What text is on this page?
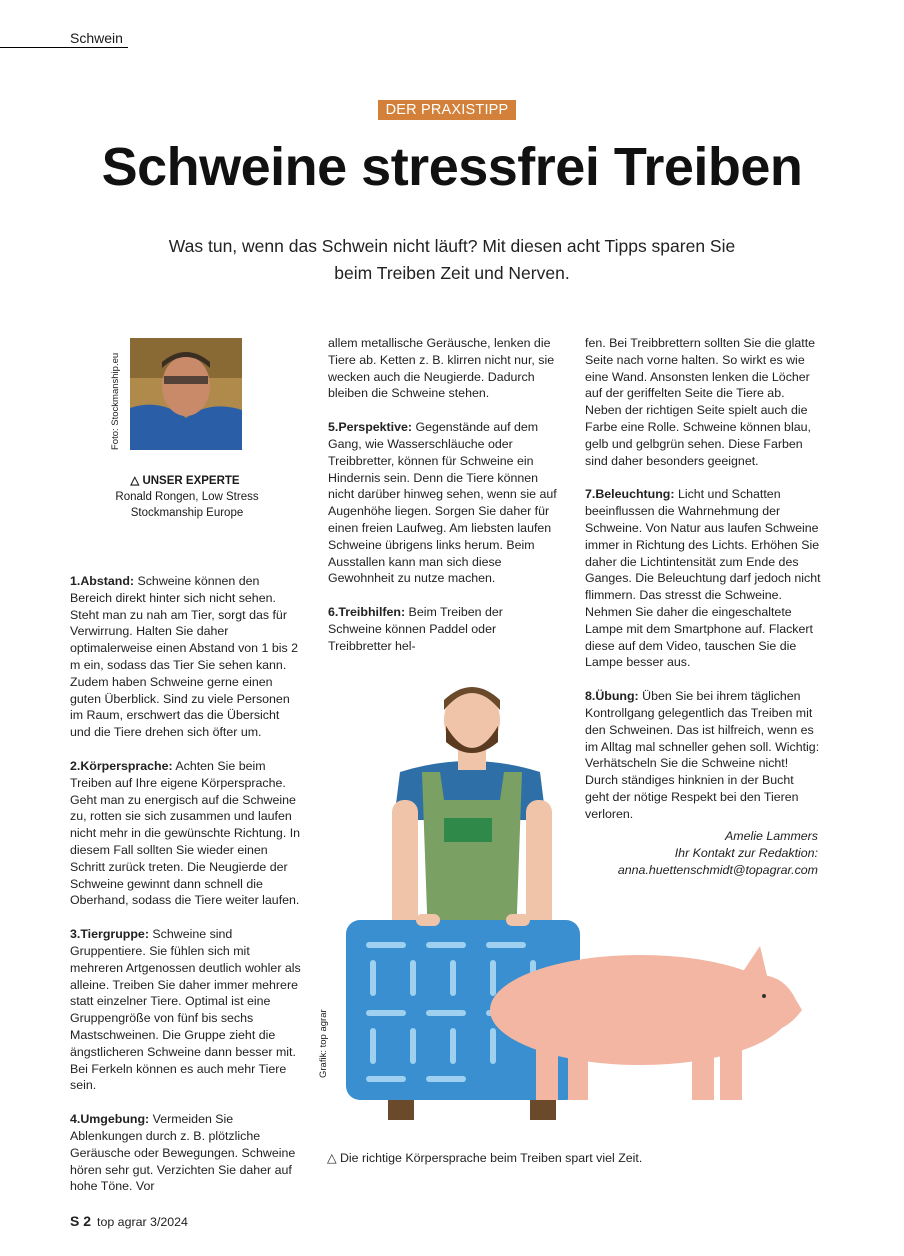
Schwein
DER PRAXISTIPP
Schweine stressfrei Treiben
Was tun, wenn das Schwein nicht läuft? Mit diesen acht Tipps sparen Sie beim Treiben Zeit und Nerven.
Foto: Stockmanship.eu
△ UNSER EXPERTE
Ronald Rongen, Low Stress
Stockmanship Europe

1.Abstand: Schweine können den Bereich direkt hinter sich nicht sehen. Steht man zu nah am Tier, sorgt das für Verwirrung. Halten Sie daher optimalerweise einen Abstand von 1 bis 2 m ein, sodass das Tier Sie sehen kann. Zudem haben Schweine gerne einen guten Überblick. Sind zu viele Personen im Raum, erschwert das die Übersicht und die Tiere drehen sich öfter um.

2.Körpersprache: Achten Sie beim Treiben auf Ihre eigene Körpersprache. Geht man zu energisch auf die Schweine zu, rotten sie sich zusammen und laufen nicht mehr in die gewünschte Richtung. In diesem Fall sollten Sie wieder einen Schritt zurück treten. Die Neugierde der Schweine gewinnt dann schnell die Oberhand, sodass die Tiere weiter laufen.

3.Tiergruppe: Schweine sind Gruppentiere. Sie fühlen sich mit mehreren Artgenossen deutlich wohler als alleine. Treiben Sie daher immer mehrere statt einzelner Tiere. Optimal ist eine Gruppengröße von fünf bis sechs Mastschweinen. Die Gruppe zieht die ängstlicheren Schweine dann besser mit. Bei Ferkeln können es auch mehr Tiere sein.

4.Umgebung: Vermeiden Sie Ablenkungen durch z. B. plötzliche Geräusche oder Bewegungen. Schweine hören sehr gut. Verzichten Sie daher auf hohe Töne. Vor

allem metallische Geräusche, lenken die Tiere ab. Ketten z. B. klirren nicht nur, sie wecken auch die Neugierde. Dadurch bleiben die Schweine stehen.

5.Perspektive: Gegenstände auf dem Gang, wie Wasserschläuche oder Treibbretter, können für Schweine ein Hindernis sein. Denn die Tiere können nicht darüber hinweg sehen, wenn sie auf Augenhöhe liegen. Sorgen Sie daher für einen freien Laufweg. Am liebsten laufen Schweine übrigens links herum. Beim Ausstallen kann man sich diese Gewohnheit zu nutze machen.

6.Treibhilfen: Beim Treiben der Schweine können Paddel oder Treibbretter hel-

fen. Bei Treibbrettern sollten Sie die glatte Seite nach vorne halten. So wirkt es wie eine Wand. Ansonsten lenken die Löcher auf der geriffelten Seite die Tiere ab. Neben der richtigen Seite spielt auch die Farbe eine Rolle. Schweine können blau, gelb und gelbgrün sehen. Diese Farben sind daher besonders geeignet.

7.Beleuchtung: Licht und Schatten beeinflussen die Wahrnehmung der Schweine. Von Natur aus laufen Schweine immer in Richtung des Lichts. Erhöhen Sie daher die Lichtintensität zum Ende des Ganges. Die Beleuchtung darf jedoch nicht flimmern. Das stresst die Schweine. Nehmen Sie daher die eingeschaltete Lampe mit dem Smartphone auf. Flackert diese auf dem Video, tauschen Sie die Lampe besser aus.

8.Übung: Üben Sie bei ihrem täglichen Kontrollgang gelegentlich das Treiben mit den Schweinen. Das ist hilfreich, wenn es im Alltag mal schneller gehen soll. Wichtig: Verhätscheln Sie die Schweine nicht! Durch ständiges hinknien in der Bucht geht der nötige Respekt bei den Tieren verloren.

Amelie Lammers
Ihr Kontakt zur Redaktion:
anna.huettenschmidt@topagrar.com
Grafik: top agrar
△ Die richtige Körpersprache beim Treiben spart viel Zeit.
S 2 top agrar 3/2024
